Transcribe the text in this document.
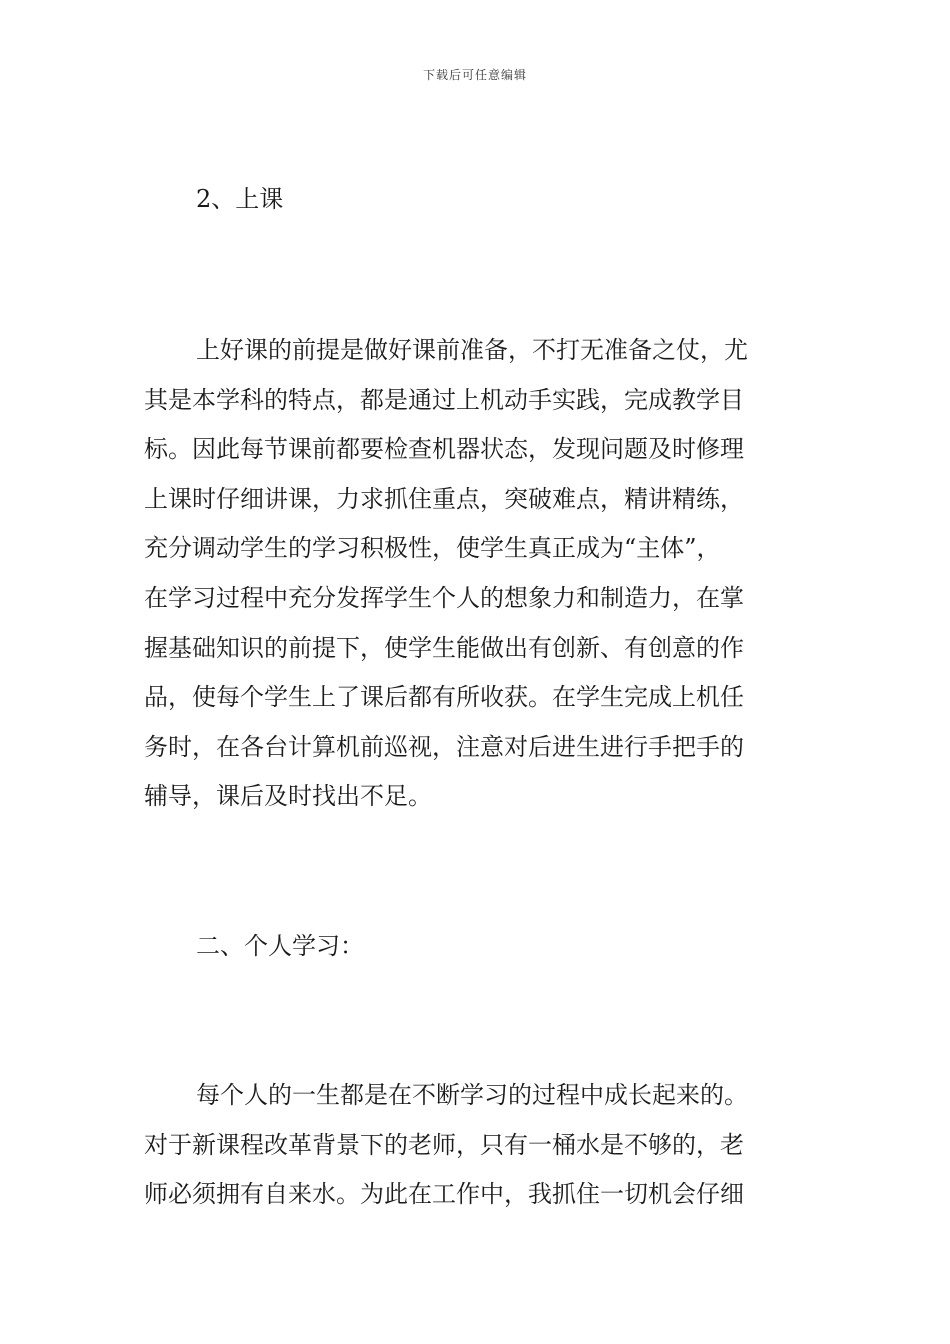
下载后可任意编辑
2、上课
上好课的前提是做好课前准备，不打无准备之仗，尤
其是本学科的特点，都是通过上机动手实践，完成教学目
标。因此每节课前都要检查机器状态，发现问题及时修理
上课时仔细讲课，力求抓住重点，突破难点，精讲精练，
充分调动学生的学习积极性，使学生真正成为“主体”，
在学习过程中充分发挥学生个人的想象力和制造力，在掌
握基础知识的前提下，使学生能做出有创新、有创意的作
品，使每个学生上了课后都有所收获。在学生完成上机任
务时，在各台计算机前巡视，注意对后进生进行手把手的
辅导，课后及时找出不足。
二、个人学习：
每个人的一生都是在不断学习的过程中成长起来的。
对于新课程改革背景下的老师，只有一桶水是不够的，老
师必须拥有自来水。为此在工作中，我抓住一切机会仔细
